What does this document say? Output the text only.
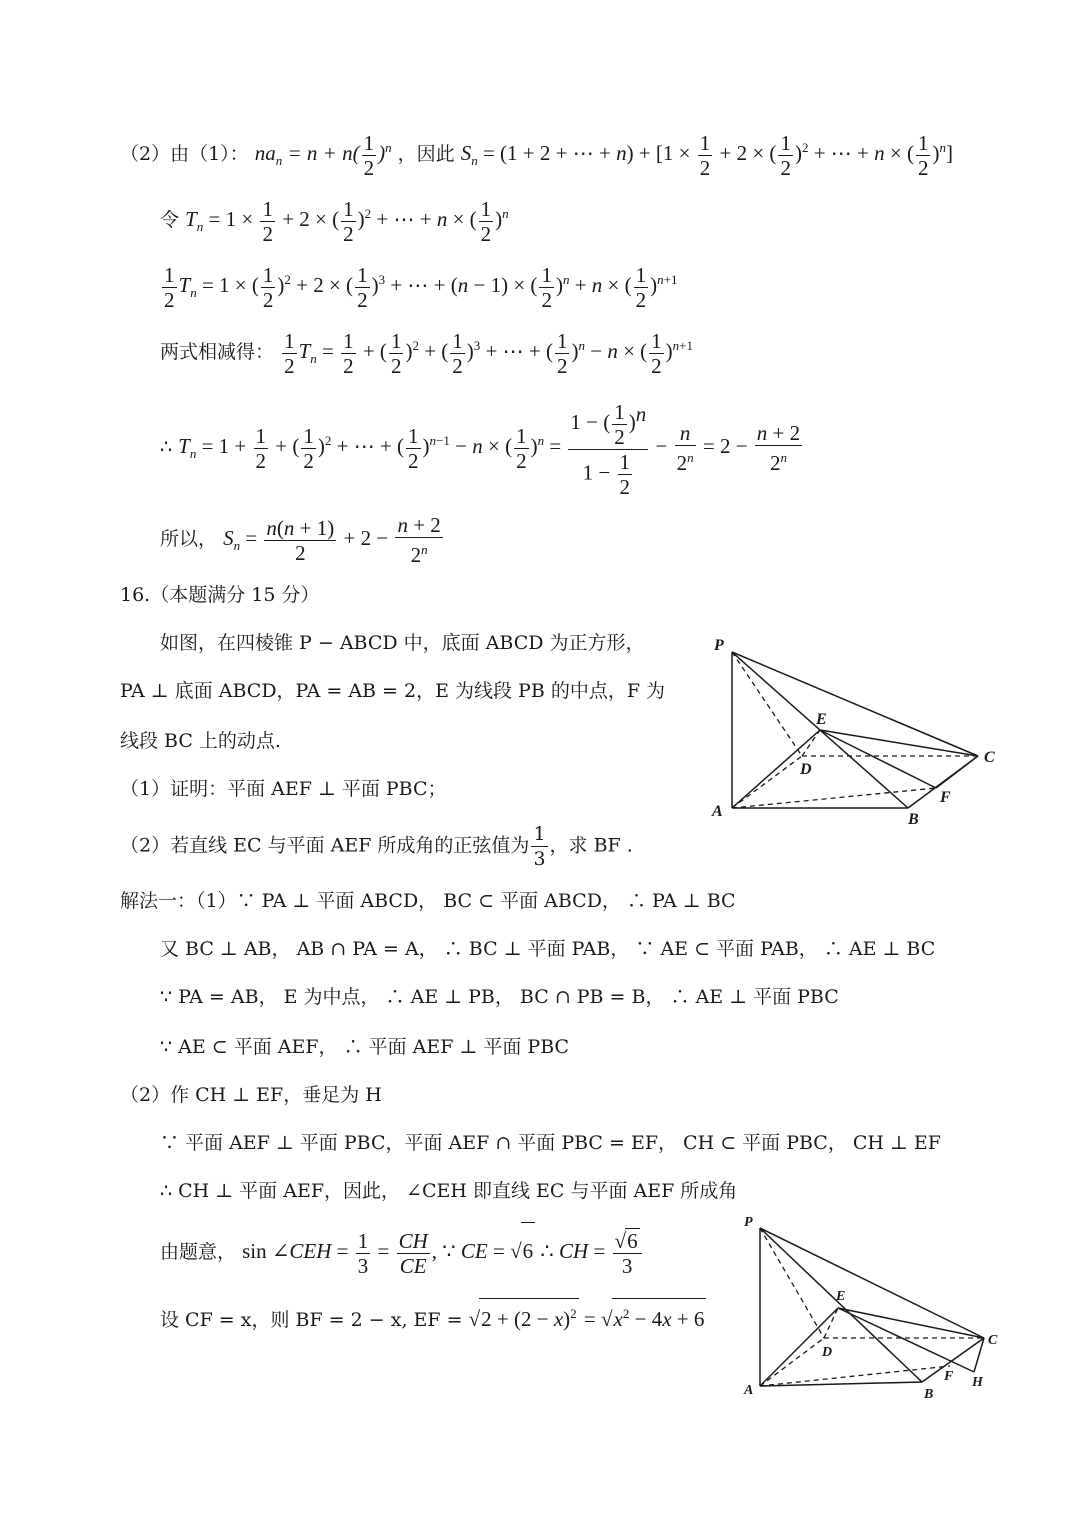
（2）由（1）： $na_n = n + n( \frac{1}{2} )^n$ ，因此 $S_n = (1 + 2$ + ⋯ + $n) + [1 \times \frac{1}{2} + 2$ × ( $\frac{1}{2} )^2$ + ⋯ + n × ( $\frac{1}{2} )^n$]
令 $T_n = 1 \times \frac{1}{2} + 2$ × ( $\frac{1}{2} )^2$ + ⋯ + n × ( $\frac{1}{2} )^n$
$\frac{1}{2} T_n = 1$ × ( $\frac{1}{2} )^2 + 2$ × ( $\frac{1}{2} )^3$ + ⋯ + (n − 1) × ( $\frac{1}{2} )^n + n$ × ( $\frac{1}{2} )^{n+1}$
两式相减得： $\frac{1}{2} T_n = \frac{1}{2}$ + ( $\frac{1}{2} )^2$ + ( $\frac{1}{2} )^3$ + ⋯ + ( $\frac{1}{2} )^n - n$ × ( $\frac{1}{2} )^{n+1}$
∴ $T_n = 1 + \frac{1}{2}$ + ( $\frac{1}{2} )^2$ + ⋯ + ( $\frac{1}{2} )^{n-1} - n$ × ( $\frac{1}{2} )^n = \frac{1 - ( \frac{1}{2} )^n}{1 - \frac{1}{2}} - \frac{n}{2^n} = 2 - \frac{n + 2}{2^n}$
所以， $S_n = \frac{n(n + 1)}{2} + 2 - \frac{n + 2}{2^n}$
16.（本题满分 15 分）
如图，在四棱锥 P − ABCD 中，底面 ABCD 为正方形，
PA ⊥ 底面 ABCD，PA = AB = 2，E 为线段 PB 的中点，F 为
线段 BC 上的动点.
（1）证明：平面 AEF ⊥ 平面 PBC；
（2）若直线 EC 与平面 AEF 所成角的正弦值为 $\frac{1}{3}$ ，求 BF .
P
E
D
C
A
F
B
解法一：（1）∵ PA ⊥ 平面 ABCD， BC ⊂ 平面 ABCD， ∴ PA ⊥ BC
又 BC ⊥ AB， AB ∩ PA = A， ∴ BC ⊥ 平面 PAB， ∵ AE ⊂ 平面 PAB， ∴ AE ⊥ BC
∵ PA = AB， E 为中点， ∴ AE ⊥ PB， BC ∩ PB = B， ∴ AE ⊥ 平面 PBC
∵ AE ⊂ 平面 AEF， ∴ 平面 AEF ⊥ 平面 PBC
（2）作 CH ⊥ EF，垂足为 H
∵ 平面 AEF ⊥ 平面 PBC，平面 AEF ∩ 平面 PBC = EF， CH ⊂ 平面 PBC， CH ⊥ EF
∴ CH ⊥ 平面 AEF，因此， ∠CEH 即直线 EC 与平面 AEF 所成角
由题意， sin ∠CEH = $\frac{1}{3} = \frac{CH}{CE}$ , ∵ CE = √6 ∴ CH = $\frac{√6}{3}$
设 CF = x，则 BF = 2 − x, EF = $√2 + (2 - x)^2 = √x^2 - 4x + 6$
P
E
D
C
A
F
B
H
